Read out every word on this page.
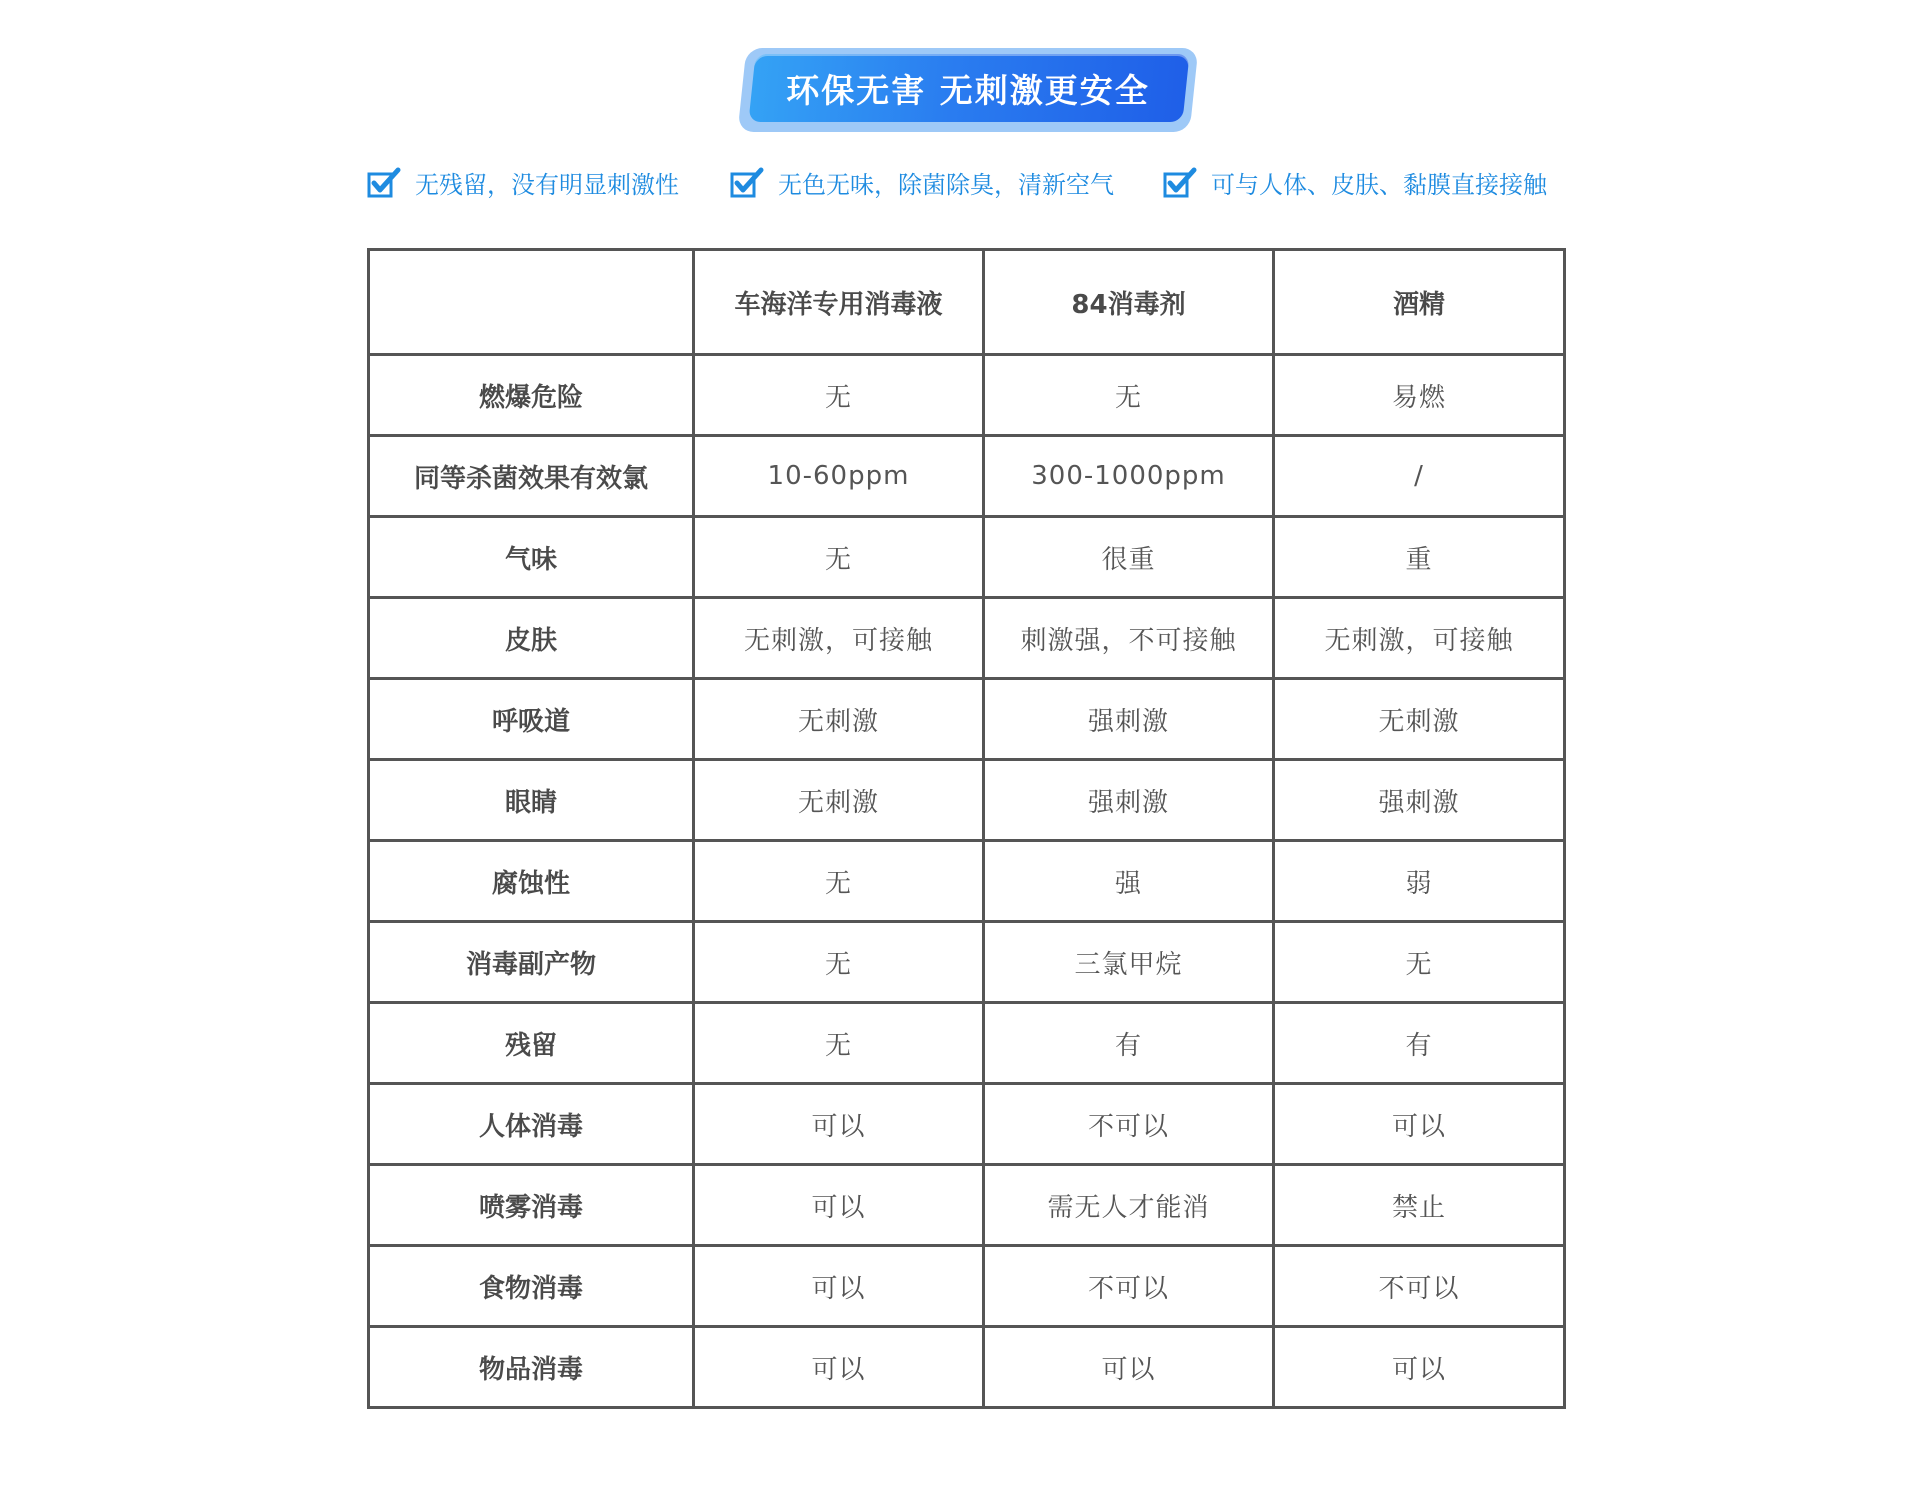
环保无害 无刺激更安全
无残留，没有明显刺激性	无色无味，除菌除臭，清新空气	可与人体、皮肤、黏膜直接接触
	车海洋专用消毒液	84消毒剂	酒精
燃爆危险	无	无	易燃
同等杀菌效果有效氯	10-60ppm	300-1000ppm	/
气味	无	很重	重
皮肤	无刺激，可接触	刺激强，不可接触	无刺激，可接触
呼吸道	无刺激	强刺激	无刺激
眼睛	无刺激	强刺激	强刺激
腐蚀性	无	强	弱
消毒副产物	无	三氯甲烷	无
残留	无	有	有
人体消毒	可以	不可以	可以
喷雾消毒	可以	需无人才能消	禁止
食物消毒	可以	不可以	不可以
物品消毒	可以	可以	可以
